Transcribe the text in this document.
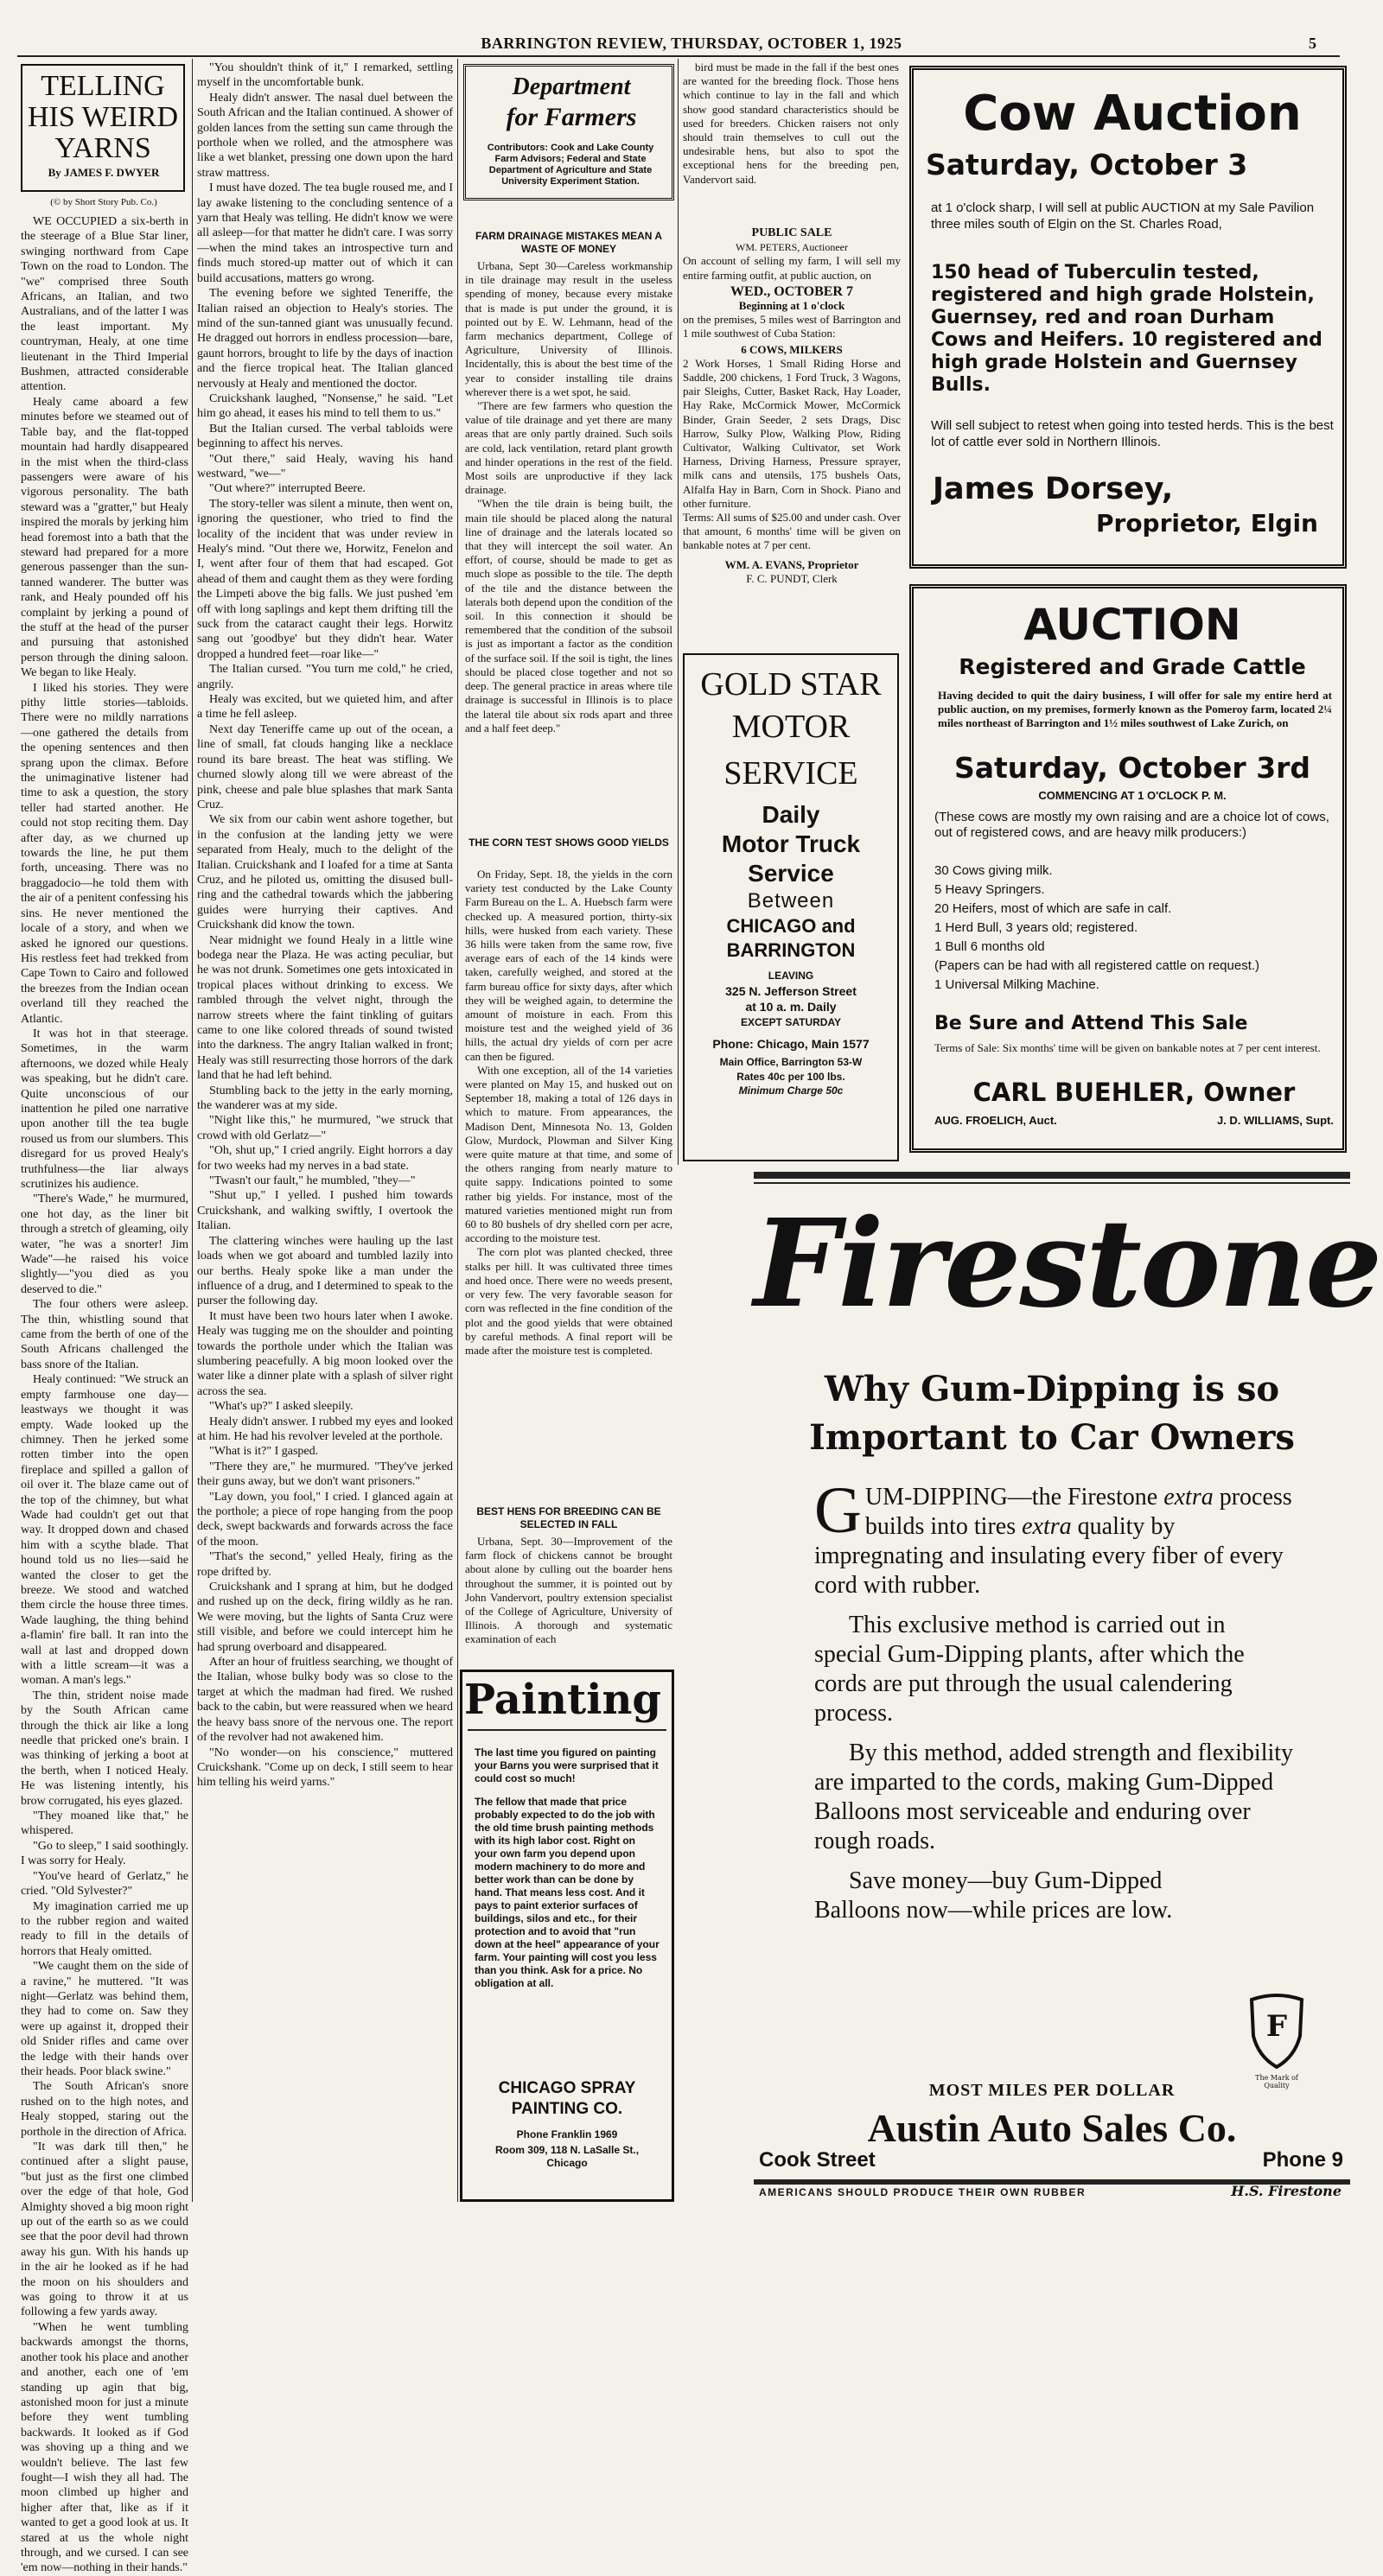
BARRINGTON REVIEW, THURSDAY, OCTOBER 1, 1925	5
TELLING
HIS WEIRD
YARNS
By JAMES F. DWYER
(© by Short Story Pub. Co.)

WE OCCUPIED a six-berth in the steerage of a Blue Star liner, swinging northward from Cape Town on the road to London. The "we" comprised three South Africans, an Italian, and two Australians, and of the latter I was the least important. My countryman, Healy, at one time lieutenant in the Third Imperial Bushmen, attracted considerable attention.

Healy came aboard a few minutes before we steamed out of Table bay, and the flat-topped mountain had hardly disappeared in the mist when the third-class passengers were aware of his vigorous personality. The bath steward was a "gratter," but Healy inspired the morals by jerking him head foremost into a bath that the steward had prepared for a more generous passenger than the sun-tanned wanderer. The butter was rank, and Healy pounded off his complaint by jerking a pound of the stuff at the head of the purser and pursuing that astonished person through the dining saloon. We began to like Healy.

I liked his stories. They were pithy little stories—tabloids. There were no mildly narrations—one gathered the details from the opening sentences and then sprang upon the climax. Before the unimaginative listener had time to ask a question, the story teller had started another. He could not stop reciting them. Day after day, as we churned up towards the line, he put them forth, unceasing. There was no braggadocio—he told them with the air of a penitent confessing his sins. He never mentioned the locale of a story, and when we asked he ignored our questions. His restless feet had trekked from Cape Town to Cairo and followed the breezes from the Indian ocean overland till they reached the Atlantic.

It was hot in that steerage. Sometimes, in the warm afternoons, we dozed while Healy was speaking, but he didn't care. Quite unconscious of our inattention he piled one narrative upon another till the tea bugle roused us from our slumbers. This disregard for us proved Healy's truthfulness—the liar always scrutinizes his audience.

"There's Wade," he murmured, one hot day, as the liner bit through a stretch of gleaming, oily water, "he was a snorter! Jim Wade"—he raised his voice slightly—"you died as you deserved to die."

The four others were asleep. The thin, whistling sound that came from the berth of one of the South Africans challenged the bass snore of the Italian.

Healy continued: "We struck an empty farmhouse one day—leastways we thought it was empty. Wade looked up the chimney. Then he jerked some rotten timber into the open fireplace and spilled a gallon of oil over it. The blaze came out of the top of the chimney, but what Wade had couldn't get out that way. It dropped down and chased him with a scythe blade. That hound told us no lies—said he wanted the closer to get the breeze. We stood and watched them circle the house three times. Wade laughing, the thing behind a-flamin' fire ball. It ran into the wall at last and dropped down with a little scream—it was a woman. A man's legs."

The thin, strident noise made by the South African came through the thick air like a long needle that pricked one's brain. I was thinking of jerking a boot at the berth, when I noticed Healy. He was listening intently, his brow corrugated, his eyes glazed.

"They moaned like that," he whispered.

"Go to sleep," I said soothingly. I was sorry for Healy.

"You've heard of Gerlatz," he cried. "Old Sylvester?"

My imagination carried me up to the rubber region and waited ready to fill in the details of horrors that Healy omitted.

"We caught them on the side of a ravine," he muttered. "It was night—Gerlatz was behind them, they had to come on. Saw they were up against it, dropped their old Snider rifles and came over the ledge with their hands over their heads. Poor black swine."

The South African's snore rushed on to the high notes, and Healy stopped, staring out the porthole in the direction of Africa.

"It was dark till then," he continued after a slight pause, "but just as the first one climbed over the edge of that hole, God Almighty shoved a big moon right up out of the earth so as we could see that the poor devil had thrown away his gun. With his hands up in the air he looked as if he had the moon on his shoulders and was going to throw it at us following a few yards away.

"When he went tumbling backwards amongst the thorns, another took his place and another and another, each one of 'em standing up agin that big, astonished moon for just a minute before they went tumbling backwards. It looked as if God was shoving up a thing and we wouldn't believe. The last few fought—I wish they all had. The moon climbed up higher and higher after that, like as if it wanted to get a good look at us. It stared at us the whole night through, and we cursed. I can see 'em now—nothing in their hands."

"You shouldn't think of it," I remarked, settling myself in the uncomfortable bunk.

Healy didn't answer. The nasal duel between the South African and the Italian continued. A shower of golden lances from the setting sun came through the porthole when we rolled, and the atmosphere was like a wet blanket, pressing one down upon the hard straw mattress.

I must have dozed. The tea bugle roused me, and I lay awake listening to the concluding sentence of a yarn that Healy was telling. He didn't know we were all asleep—for that matter he didn't care. I was sorry—when the mind takes an introspective turn and finds much stored-up matter out of which it can build accusations, matters go wrong.

The evening before we sighted Teneriffe, the Italian raised an objection to Healy's stories. The mind of the sun-tanned giant was unusually fecund. He dragged out horrors in endless procession—bare, gaunt horrors, brought to life by the days of inaction and the fierce tropical heat. The Italian glanced nervously at Healy and mentioned the doctor.

Cruickshank laughed, "Nonsense," he said. "Let him go ahead, it eases his mind to tell them to us."

But the Italian cursed. The verbal tabloids were beginning to affect his nerves.

"Out there," said Healy, waving his hand westward, "we—"

"Out where?" interrupted Beere.

The story-teller was silent a minute, then went on, ignoring the questioner, who tried to find the locality of the incident that was under review in Healy's mind. "Out there we, Horwitz, Fenelon and I, went after four of them that had escaped. Got ahead of them and caught them as they were fording the Limpeti above the big falls. We just pushed 'em off with long saplings and kept them drifting till the suck from the cataract caught their legs. Horwitz sang out 'goodbye' but they didn't hear. Water dropped a hundred feet—roar like—"

The Italian cursed. "You turn me cold," he cried, angrily.

Healy was excited, but we quieted him, and after a time he fell asleep.

Next day Teneriffe came up out of the ocean, a line of small, fat clouds hanging like a necklace round its bare breast. The heat was stifling. We churned slowly along till we were abreast of the pink, cheese and pale blue splashes that mark Santa Cruz.

We six from our cabin went ashore together, but in the confusion at the landing jetty we were separated from Healy, much to the delight of the Italian. Cruickshank and I loafed for a time at Santa Cruz, and he piloted us, omitting the disused bull-ring and the cathedral towards which the jabbering guides were hurrying their captives. And Cruickshank did know the town.

Near midnight we found Healy in a little wine bodega near the Plaza. He was acting peculiar, but he was not drunk. Sometimes one gets intoxicated in tropical places without drinking to excess. We rambled through the velvet night, through the narrow streets where the faint tinkling of guitars came to one like colored threads of sound twisted into the darkness. The angry Italian walked in front; Healy was still resurrecting those horrors of the dark land that he had left behind.

Stumbling back to the jetty in the early morning, the wanderer was at my side.

"Night like this," he murmured, "we struck that crowd with old Gerlatz—"

"Oh, shut up," I cried angrily. Eight horrors a day for two weeks had my nerves in a bad state.

"Twasn't our fault," he mumbled, "they—"

"Shut up," I yelled. I pushed him towards Cruickshank, and walking swiftly, I overtook the Italian.

The clattering winches were hauling up the last loads when we got aboard and tumbled lazily into our berths. Healy spoke like a man under the influence of a drug, and I determined to speak to the purser the following day.

It must have been two hours later when I awoke. Healy was tugging me on the shoulder and pointing towards the porthole under which the Italian was slumbering peacefully. A big moon looked over the water like a dinner plate with a splash of silver right across the sea.

"What's up?" I asked sleepily.

Healy didn't answer. I rubbed my eyes and looked at him. He had his revolver leveled at the porthole.

"What is it?" I gasped.

"There they are," he murmured. "They've jerked their guns away, but we don't want prisoners."

"Lay down, you fool," I cried. I glanced again at the porthole; a piece of rope hanging from the poop deck, swept backwards and forwards across the face of the moon.

"That's the second," yelled Healy, firing as the rope drifted by.

Cruickshank and I sprang at him, but he dodged and rushed up on the deck, firing wildly as he ran. We were moving, but the lights of Santa Cruz were still visible, and before we could intercept him he had sprung overboard and disappeared.

After an hour of fruitless searching, we thought of the Italian, whose bulky body was so close to the target at which the madman had fired. We rushed back to the cabin, but were reassured when we heard the heavy bass snore of the nervous one. The report of the revolver had not awakened him.

"No wonder—on his conscience," muttered Cruickshank. "Come up on deck, I still seem to hear him telling his weird yarns."

Department
for Farmers
Contributors: Cook and Lake County Farm Advisors; Federal and State Department of Agriculture and State University Experiment Station.
FARM DRAINAGE MISTAKES MEAN A WASTE OF MONEY

Urbana, Sept 30—Careless workmanship in tile drainage may result in the useless spending of money, because every mistake that is made is put under the ground, it is pointed out by E. W. Lehmann, head of the farm mechanics department, College of Agriculture, University of Illinois. Incidentally, this is about the best time of the year to consider installing tile drains wherever there is a wet spot, he said.

"There are few farmers who question the value of tile drainage and yet there are many areas that are only partly drained. Such soils are cold, lack ventilation, retard plant growth and hinder operations in the rest of the field. Most soils are unproductive if they lack drainage.

"When the tile drain is being built, the main tile should be placed along the natural line of drainage and the laterals located so that they will intercept the soil water. An effort, of course, should be made to get as much slope as possible to the tile. The depth of the tile and the distance between the laterals both depend upon the condition of the soil. In this connection it should be remembered that the condition of the subsoil is just as important a factor as the condition of the surface soil. If the soil is tight, the lines should be placed close together and not so deep. The general practice in areas where tile drainage is successful in Illinois is to place the lateral tile about six rods apart and three and a half feet deep."

THE CORN TEST SHOWS GOOD YIELDS

On Friday, Sept. 18, the yields in the corn variety test conducted by the Lake County Farm Bureau on the L. A. Huebsch farm were checked up. A measured portion, thirty-six hills, were husked from each variety. These 36 hills were taken from the same row, five average ears of each of the 14 kinds were taken, carefully weighed, and stored at the farm bureau office for sixty days, after which they will be weighed again, to determine the amount of moisture in each. From this moisture test and the weighed yield of 36 hills, the actual dry yields of corn per acre can then be figured.

With one exception, all of the 14 varieties were planted on May 15, and husked out on September 18, making a total of 126 days in which to mature. From appearances, the Madison Dent, Minnesota No. 13, Golden Glow, Murdock, Plowman and Silver King were quite mature at that time, and some of the others ranging from nearly mature to quite sappy. Indications pointed to some rather big yields. For instance, most of the matured varieties mentioned might run from 60 to 80 bushels of dry shelled corn per acre, according to the moisture test.

The corn plot was planted checked, three stalks per hill. It was cultivated three times and hoed once. There were no weeds present, or very few. The very favorable season for corn was reflected in the fine condition of the plot and the good yields that were obtained by careful methods. A final report will be made after the moisture test is completed.

BEST HENS FOR BREEDING CAN BE SELECTED IN FALL

Urbana, Sept. 30—Improvement of the farm flock of chickens cannot be brought about alone by culling out the boarder hens throughout the summer, it is pointed out by John Vandervort, poultry extension specialist of the College of Agriculture, University of Illinois. A thorough and systematic examination of each

Painting

The last time you figured on painting your Barns you were surprised that it could cost so much!

The fellow that made that price probably expected to do the job with the old time brush painting methods with its high labor cost. Right on your own farm you depend upon modern machinery to do more and better work than can be done by hand. That means less cost. And it pays to paint exterior surfaces of buildings, silos and etc., for their protection and to avoid that "run down at the heel" appearance of your farm. Your painting will cost you less than you think. Ask for a price. No obligation at all.

CHICAGO SPRAY PAINTING CO.
Phone Franklin 1969
Room 309, 118 N. LaSalle St., Chicago

bird must be made in the fall if the best ones are wanted for the breeding flock. Those hens which continue to lay in the fall and which show good standard characteristics should be used for breeders. Chicken raisers not only should train themselves to cull out the undesirable hens, but also to spot the exceptional hens for the breeding pen, Vandervort said.

PUBLIC SALE
WM. PETERS, Auctioneer
On account of selling my farm, I will sell my entire farming outfit, at public auction, on
WED., OCTOBER 7
Beginning at 1 o'clock
on the premises, 5 miles west of Barrington and 1 mile southwest of Cuba Station:
6 COWS, MILKERS
2 Work Horses, 1 Small Riding Horse and Saddle, 200 chickens, 1 Ford Truck, 3 Wagons, pair Sleighs, Cutter, Basket Rack, Hay Loader, Hay Rake, McCormick Mower, McCormick Binder, Grain Seeder, 2 sets Drags, Disc Harrow, Sulky Plow, Walking Plow, Riding Cultivator, Walking Cultivator, set Work Harness, Driving Harness, Pressure sprayer, milk cans and utensils, 175 bushels Oats, Alfalfa Hay in Barn, Corn in Shock. Piano and other furniture.
Terms: All sums of $25.00 and under cash. Over that amount, 6 months' time will be given on bankable notes at 7 per cent.
WM. A. EVANS, Proprietor
F. C. PUNDT, Clerk
GOLD STAR
MOTOR
SERVICE
Daily
Motor Truck
Service
Between
CHICAGO and
BARRINGTON
LEAVING
325 N. Jefferson Street
at 10 a. m. Daily
EXCEPT SATURDAY
Phone: Chicago, Main 1577
Main Office, Barrington 53-W
Rates 40c per 100 lbs.
Minimum Charge 50c
Cow Auction
Saturday, October 3
at 1 o'clock sharp, I will sell at public AUCTION at my Sale Pavilion three miles south of Elgin on the St. Charles Road,
150 head of Tuberculin tested, registered and high grade Holstein, Guernsey, red and roan Durham Cows and Heifers. 10 registered and high grade Holstein and Guernsey Bulls.
Will sell subject to retest when going into tested herds. This is the best lot of cattle ever sold in Northern Illinois.
James Dorsey,
Proprietor, Elgin
AUCTION
Registered and Grade Cattle
Having decided to quit the dairy business, I will offer for sale my entire herd at public auction, on my premises, formerly known as the Pomeroy farm, located 2¼ miles northeast of Barrington and 1½ miles southwest of Lake Zurich, on
Saturday, October 3rd
COMMENCING AT 1 O'CLOCK P. M.
(These cows are mostly my own raising and are a choice lot of cows, out of registered cows, and are heavy milk producers:)
30 Cows giving milk.
5 Heavy Springers.
20 Heifers, most of which are safe in calf.
1 Herd Bull, 3 years old; registered.
1 Bull 6 months old
(Papers can be had with all registered cattle on request.)
1 Universal Milking Machine.
Be Sure and Attend This Sale
Terms of Sale: Six months' time will be given on bankable notes at 7 per cent interest.
CARL BUEHLER, Owner
AUG. FROELICH, Auct.	J. D. WILLIAMS, Supt.
Firestone
Why Gum-Dipping is so
Important to Car Owners
G UM-DIPPING—the Firestone extra process builds into tires extra quality by impregnating and insulating every fiber of every cord with rubber.
This exclusive method is carried out in special Gum-Dipping plants, after which the cords are put through the usual calendering process.
By this method, added strength and flexibility are imparted to the cords, making Gum-Dipped Balloons most serviceable and enduring over rough roads.
Save money—buy Gum-Dipped Balloons now—while prices are low.
F
The Mark of Quality
MOST MILES PER DOLLAR
Austin Auto Sales Co.
Cook Street	Phone 9
AMERICANS SHOULD PRODUCE THEIR OWN RUBBER	H.S. Firestone
